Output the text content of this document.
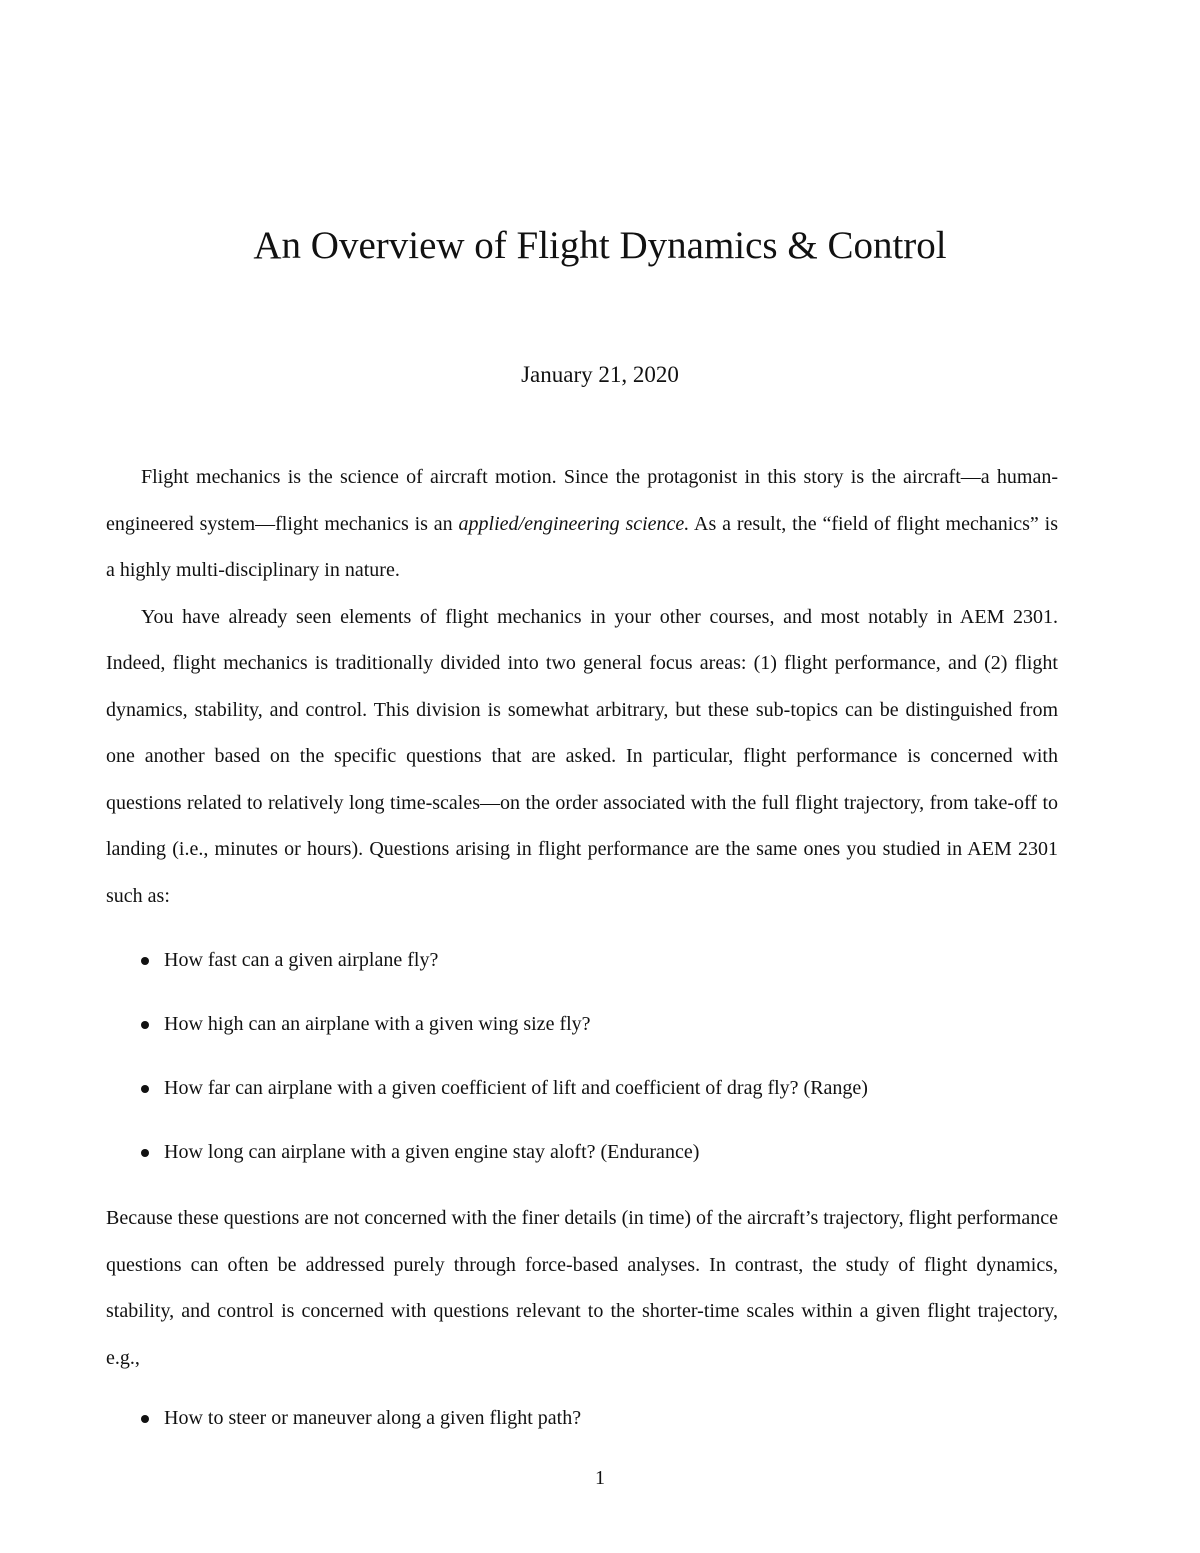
An Overview of Flight Dynamics & Control
January 21, 2020

Flight mechanics is the science of aircraft motion. Since the protagonist in this story is the aircraft—a human-engineered system—flight mechanics is an applied/engineering science. As a result, the “field of flight mechanics” is a highly multi-disciplinary in nature.

You have already seen elements of flight mechanics in your other courses, and most notably in AEM 2301. Indeed, flight mechanics is traditionally divided into two general focus areas: (1) flight performance, and (2) flight dynamics, stability, and control. This division is somewhat arbitrary, but these sub-topics can be distinguished from one another based on the specific questions that are asked. In particular, flight performance is concerned with questions related to relatively long time-scales—on the order associated with the full flight trajectory, from take-off to landing (i.e., minutes or hours). Questions arising in flight performance are the same ones you studied in AEM 2301 such as:

How fast can a given airplane fly?
How high can an airplane with a given wing size fly?
How far can airplane with a given coefficient of lift and coefficient of drag fly? (Range)
How long can airplane with a given engine stay aloft? (Endurance)

Because these questions are not concerned with the finer details (in time) of the aircraft’s trajectory, flight performance questions can often be addressed purely through force-based analyses. In contrast, the study of flight dynamics, stability, and control is concerned with questions relevant to the shorter-time scales within a given flight trajectory, e.g.,

How to steer or maneuver along a given flight path?
1
